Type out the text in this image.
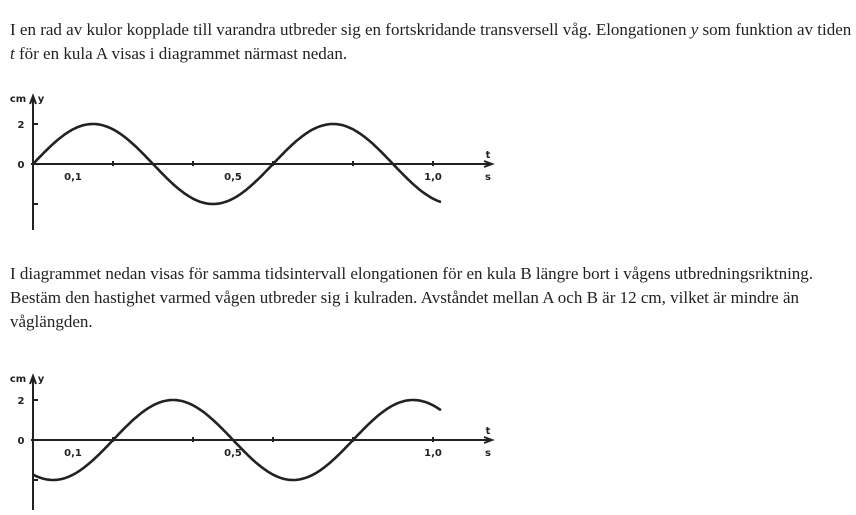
I en rad av kulor kopplade till varandra utbreder sig en fortskridande transversell våg. Elongationen y som funktion av tiden t för en kula A visas i diagrammet närmast nedan.

0,1	0,5	1,0
2
0
cm y
t
s

I diagrammet nedan visas för samma tidsintervall elongationen för en kula B längre bort i vågens utbredningsriktning. Bestäm den hastighet varmed vågen utbreder sig i kulraden. Avståndet mellan A och B är 12 cm, vilket är mindre än våglängden.

0,1	0,5	1,0
2
0
cm y
t
s
